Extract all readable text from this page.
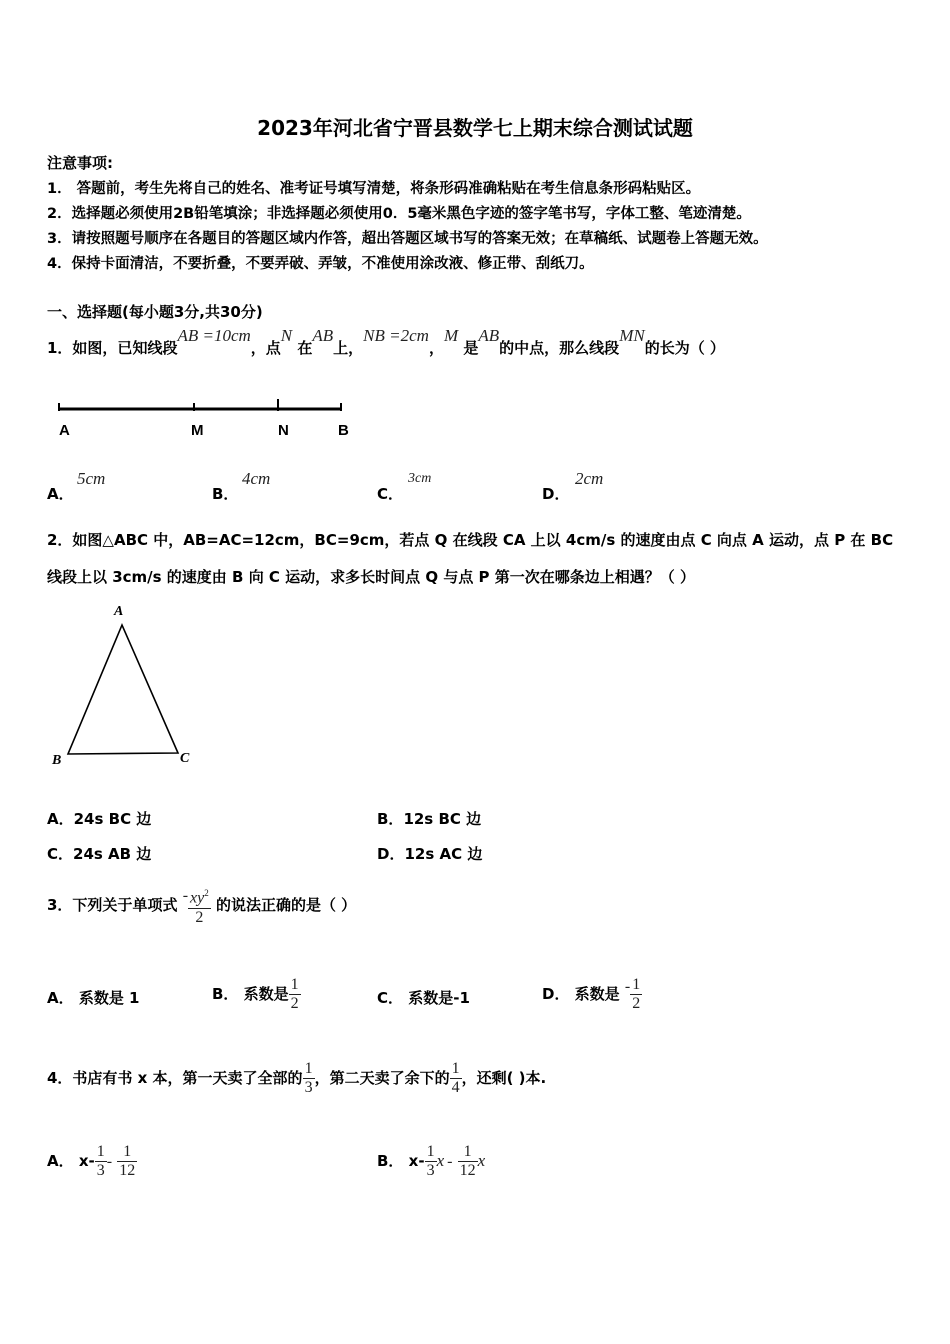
2023年河北省宁晋县数学七上期末综合测试试题
注意事项:
1． 答题前，考生先将自己的姓名、准考证号填写清楚，将条形码准确粘贴在考生信息条形码粘贴区。
2．选择题必须使用2B铅笔填涂；非选择题必须使用0．5毫米黑色字迹的签字笔书写，字体工整、笔迹清楚。
3．请按照题号顺序在各题目的答题区域内作答，超出答题区域书写的答案无效；在草稿纸、试题卷上答题无效。
4．保持卡面清洁，不要折叠，不要弄破、弄皱，不准使用涂改液、修正带、刮纸刀。
一、选择题(每小题3分,共30分)
1．如图，已知线段AB =10cm，点N 在AB上，NB =2cm，M 是AB的中点，那么线段MN的长为（ ）
A	M	N	B
A．
5cm
B．
4cm
C．
3cm
D．
2cm
2．如图△ABC 中，AB=AC=12cm，BC=9cm，若点 Q 在线段 CA 上以 4cm/s 的速度由点 C 向点 A 运动，点 P 在 BC
线段上以 3cm/s 的速度由 B 向 C 运动，求多长时间点 Q 与点 P 第一次在哪条边上相遇？（ ）
A
B	C
A．24s BC 边	B．12s BC 边
C．24s AB 边	D．12s AC 边
3．下列关于单项式 - $\frac{xy^2}{2}$ 的说法正确的是（ ）
A． 系数是 1	B． 系数是 $\frac{1}{2}$	C． 系数是-1	D． 系数是 - $\frac{1}{2}$
4．书店有书 x 本，第一天卖了全部的 $\frac{1}{3}$ ，第二天卖了余下的 $\frac{1}{4}$ ，还剩( )本.
A． $x- \frac{1}{3} - \frac{1}{12}$	B． $x- \frac{1}{3}$ x - $\frac{1}{12}$ x
